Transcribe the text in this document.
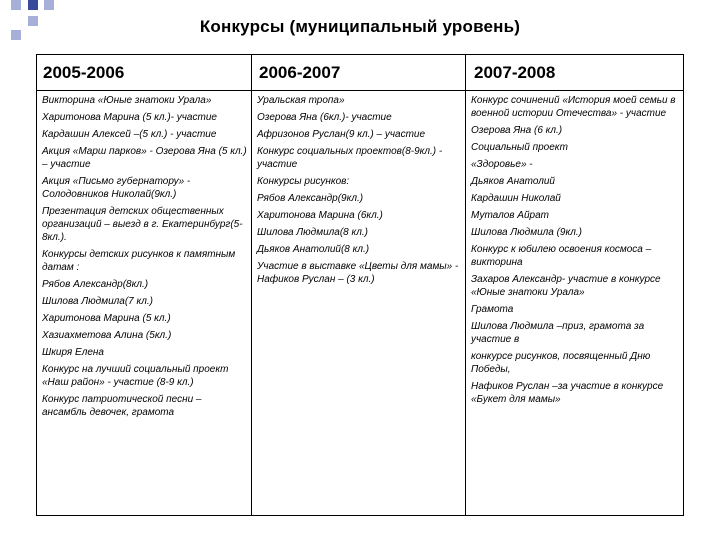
Конкурсы (муниципальный уровень)
2005-2006	2006-2007	2007-2008
Викторина «Юные знатоки Урала»
Харитонова Марина (5 кл.)- участие
Кардашин Алексей –(5 кл.) - участие
Акция «Марш парков» - Озерова Яна (5 кл.) – участие
Акция «Письмо губернатору» - Солодовников Николай(9кл.)
Презентация детских общественных организаций – выезд в г. Екатеринбург(5-8кл.).
Конкурсы детских рисунков к памятным датам :
Рябов Александр(8кл.)
Шилова Людмила(7 кл.)
Харитонова Марина (5 кл.)
Хазиахметова Алина (5кл.)
Шкиря Елена
Конкурс на лучший социальный проект «Наш район» - участие (8-9 кл.)
Конкурс патриотической песни – ансамбль девочек, грамота
Уральская тропа»
Озерова Яна (6кл.)- участие
Афризонов Руслан(9 кл.) – участие
Конкурс социальных проектов(8-9кл.) - участие
Конкурсы рисунков:
Рябов Александр(9кл.)
Харитонова Марина (6кл.)
Шилова Людмила(8 кл.)
Дьяков Анатолий(8 кл.)
Участие в выставке «Цветы для мамы» - Нафиков Руслан – (3 кл.)
Конкурс сочинений «История моей семьи в военной истории Отечества» - участие
Озерова Яна (6 кл.)
Социальный проект
«Здоровье» -
Дьяков Анатолий
Кардашин Николай
Муталов Айрат
Шилова Людмила (9кл.)
Конкурс к юбилею освоения космоса – викторина
Захаров Александр- участие в конкурсе «Юные знатоки Урала»
Грамота
Шилова Людмила –приз, грамота за участие в
конкурсе рисунков, посвященный Дню Победы,
Нафиков Руслан –за участие в конкурсе «Букет для мамы»
